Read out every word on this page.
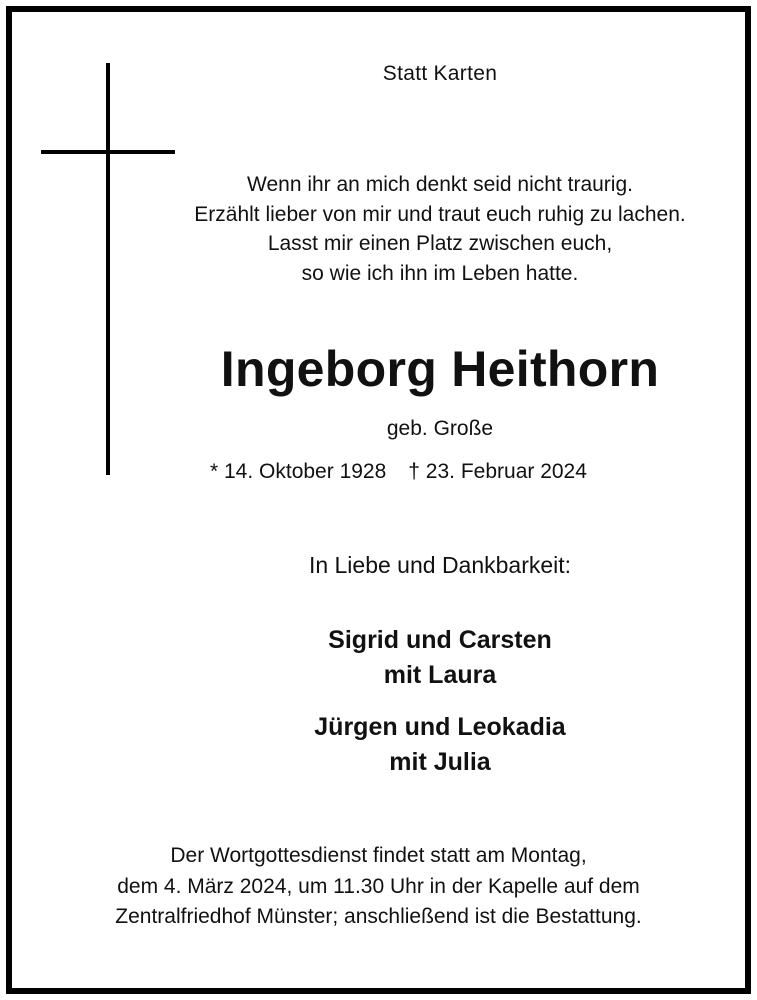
Statt Karten
Wenn ihr an mich denkt seid nicht traurig.
Erzählt lieber von mir und traut euch ruhig zu lachen.
Lasst mir einen Platz zwischen euch,
so wie ich ihn im Leben hatte.
Ingeborg Heithorn
geb. Große
* 14. Oktober 1928 † 23. Februar 2024
In Liebe und Dankbarkeit:
Sigrid und Carsten
mit Laura
Jürgen und Leokadia
mit Julia
Der Wortgottesdienst findet statt am Montag,
dem 4. März 2024, um 11.30 Uhr in der Kapelle auf dem
Zentralfriedhof Münster; anschließend ist die Bestattung.
